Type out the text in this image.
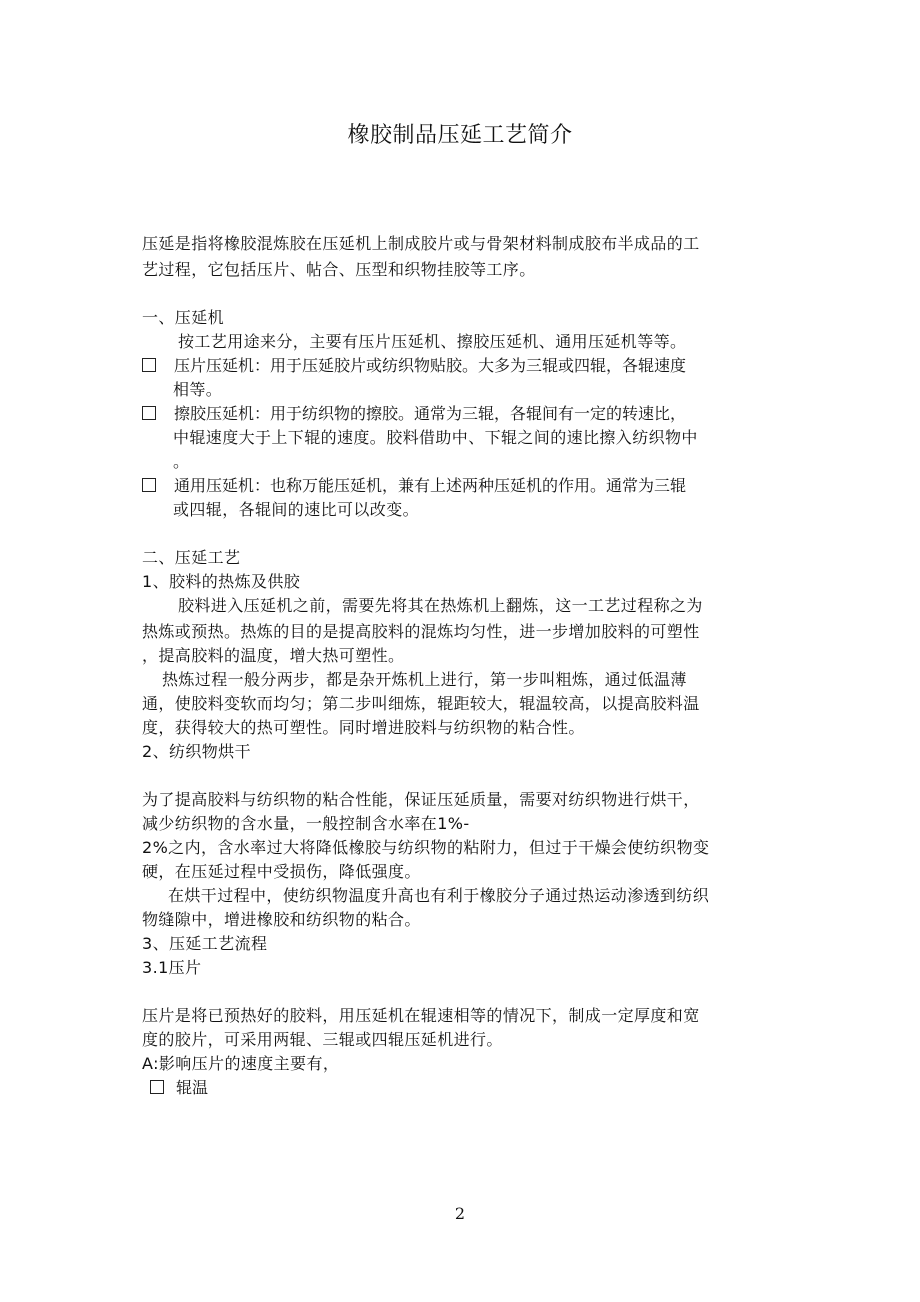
橡胶制品压延工艺简介
压延是指将橡胶混炼胶在压延机上制成胶片或与骨架材料制成胶布半成品的工
艺过程，它包括压片、帖合、压型和织物挂胶等工序。
一、压延机
按工艺用途来分，主要有压片压延机、擦胶压延机、通用压延机等等。
压片压延机：用于压延胶片或纺织物贴胶。大多为三辊或四辊，各辊速度
相等。
擦胶压延机：用于纺织物的擦胶。通常为三辊，各辊间有一定的转速比，
中辊速度大于上下辊的速度。胶料借助中、下辊之间的速比擦入纺织物中
。
通用压延机：也称万能压延机，兼有上述两种压延机的作用。通常为三辊
或四辊，各辊间的速比可以改变。
二、压延工艺
1、胶料的热炼及供胶
胶料进入压延机之前，需要先将其在热炼机上翻炼，这一工艺过程称之为
热炼或预热。热炼的目的是提高胶料的混炼均匀性，进一步增加胶料的可塑性
，提高胶料的温度，增大热可塑性。
热炼过程一般分两步，都是杂开炼机上进行，第一步叫粗炼，通过低温薄
通，使胶料变软而均匀；第二步叫细炼，辊距较大，辊温较高，以提高胶料温
度，获得较大的热可塑性。同时增进胶料与纺织物的粘合性。
2、纺织物烘干
为了提高胶料与纺织物的粘合性能，保证压延质量，需要对纺织物进行烘干，
减少纺织物的含水量，一般控制含水率在1%-
2%之内，含水率过大将降低橡胶与纺织物的粘附力，但过于干燥会使纺织物变
硬，在压延过程中受损伤，降低强度。
在烘干过程中，使纺织物温度升高也有利于橡胶分子通过热运动渗透到纺织
物缝隙中，增进橡胶和纺织物的粘合。
3、压延工艺流程
3.1压片
压片是将已预热好的胶料，用压延机在辊速相等的情况下，制成一定厚度和宽
度的胶片，可采用两辊、三辊或四辊压延机进行。
A:影响压片的速度主要有，
辊温
2
